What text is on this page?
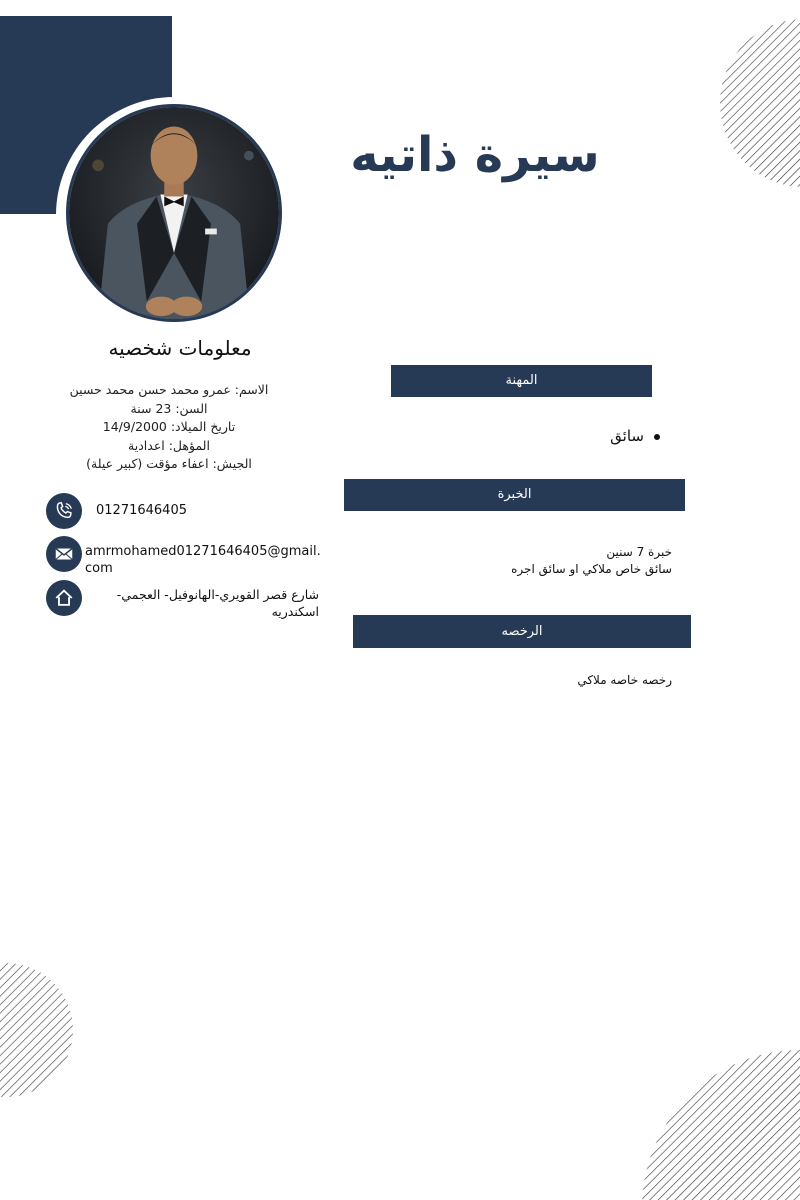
سيرة ذاتيه
معلومات شخصيه
الاسم: عمرو محمد حسن محمد حسين
السن: 23 سنة
تاريخ الميلاد: 14/9/2000
المؤهل: اعدادية
الجيش: اعفاء مؤقت (كبير عيلة)
01271646405
amrmohamed01271646405@gmail.com
شارع قصر القويري-الهانوفيل- العجمي- اسكندريه
المهنة
سائق
الخبرة
خبرة 7 سنين
سائق خاص ملاكي او سائق اجره
الرخصه
رخصه خاصه ملاكي
